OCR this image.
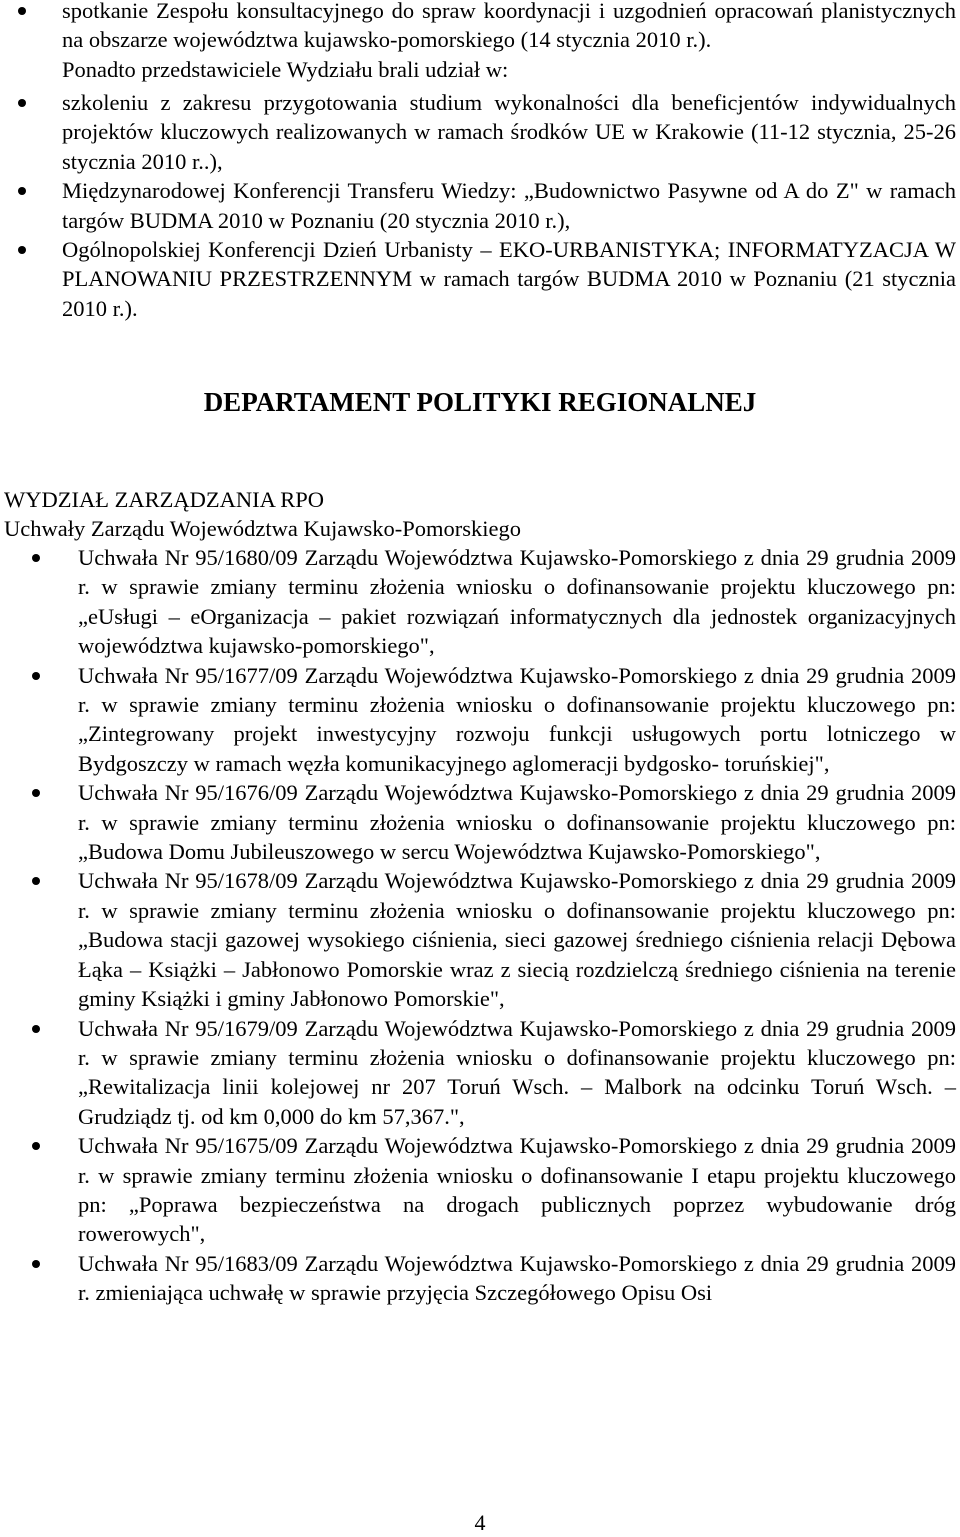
spotkanie Zespołu konsultacyjnego do spraw koordynacji i uzgodnień opracowań planistycznych na obszarze województwa kujawsko-pomorskiego (14 stycznia 2010 r.).
Ponadto przedstawiciele Wydziału brali udział w:
szkoleniu z zakresu przygotowania studium wykonalności dla beneficjentów indywidualnych projektów kluczowych realizowanych w ramach środków UE w Krakowie (11-12 stycznia, 25-26 stycznia 2010 r..),
Międzynarodowej Konferencji Transferu Wiedzy: „Budownictwo Pasywne od A do Z" w ramach targów BUDMA 2010 w Poznaniu (20 stycznia 2010 r.),
Ogólnopolskiej Konferencji Dzień Urbanisty – EKO-URBANISTYKA; INFORMATYZACJA W PLANOWANIU PRZESTRZENNYM w ramach targów BUDMA 2010 w Poznaniu (21 stycznia 2010 r.).
DEPARTAMENT POLITYKI REGIONALNEJ
WYDZIAŁ ZARZĄDZANIA RPO
Uchwały Zarządu Województwa Kujawsko-Pomorskiego
Uchwała Nr 95/1680/09 Zarządu Województwa Kujawsko-Pomorskiego z dnia 29 grudnia 2009 r. w sprawie zmiany terminu złożenia wniosku o dofinansowanie projektu kluczowego pn: „eUsługi – eOrganizacja – pakiet rozwiązań informatycznych dla jednostek organizacyjnych województwa kujawsko-pomorskiego",
Uchwała Nr 95/1677/09 Zarządu Województwa Kujawsko-Pomorskiego z dnia 29 grudnia 2009 r. w sprawie zmiany terminu złożenia wniosku o dofinansowanie projektu kluczowego pn: „Zintegrowany projekt inwestycyjny rozwoju funkcji usługowych portu lotniczego w Bydgoszczy w ramach węzła komunikacyjnego aglomeracji bydgosko- toruńskiej",
Uchwała Nr 95/1676/09 Zarządu Województwa Kujawsko-Pomorskiego z dnia 29 grudnia 2009 r. w sprawie zmiany terminu złożenia wniosku o dofinansowanie projektu kluczowego pn: „Budowa Domu Jubileuszowego w sercu Województwa Kujawsko-Pomorskiego",
Uchwała Nr 95/1678/09 Zarządu Województwa Kujawsko-Pomorskiego z dnia 29 grudnia 2009 r. w sprawie zmiany terminu złożenia wniosku o dofinansowanie projektu kluczowego pn: „Budowa stacji gazowej wysokiego ciśnienia, sieci gazowej średniego ciśnienia relacji Dębowa Łąka – Książki – Jabłonowo Pomorskie wraz z siecią rozdzielczą średniego ciśnienia na terenie gminy Książki i gminy Jabłonowo Pomorskie",
Uchwała Nr 95/1679/09 Zarządu Województwa Kujawsko-Pomorskiego z dnia 29 grudnia 2009 r. w sprawie zmiany terminu złożenia wniosku o dofinansowanie projektu kluczowego pn: „Rewitalizacja linii kolejowej nr 207 Toruń Wsch. – Malbork na odcinku Toruń Wsch. – Grudziądz tj. od km 0,000 do km 57,367.",
Uchwała Nr 95/1675/09 Zarządu Województwa Kujawsko-Pomorskiego z dnia 29 grudnia 2009 r. w sprawie zmiany terminu złożenia wniosku o dofinansowanie I etapu projektu kluczowego pn: „Poprawa bezpieczeństwa na drogach publicznych poprzez wybudowanie dróg rowerowych",
Uchwała Nr 95/1683/09 Zarządu Województwa Kujawsko-Pomorskiego z dnia 29 grudnia 2009 r. zmieniająca uchwałę w sprawie przyjęcia Szczegółowego Opisu Osi
4
